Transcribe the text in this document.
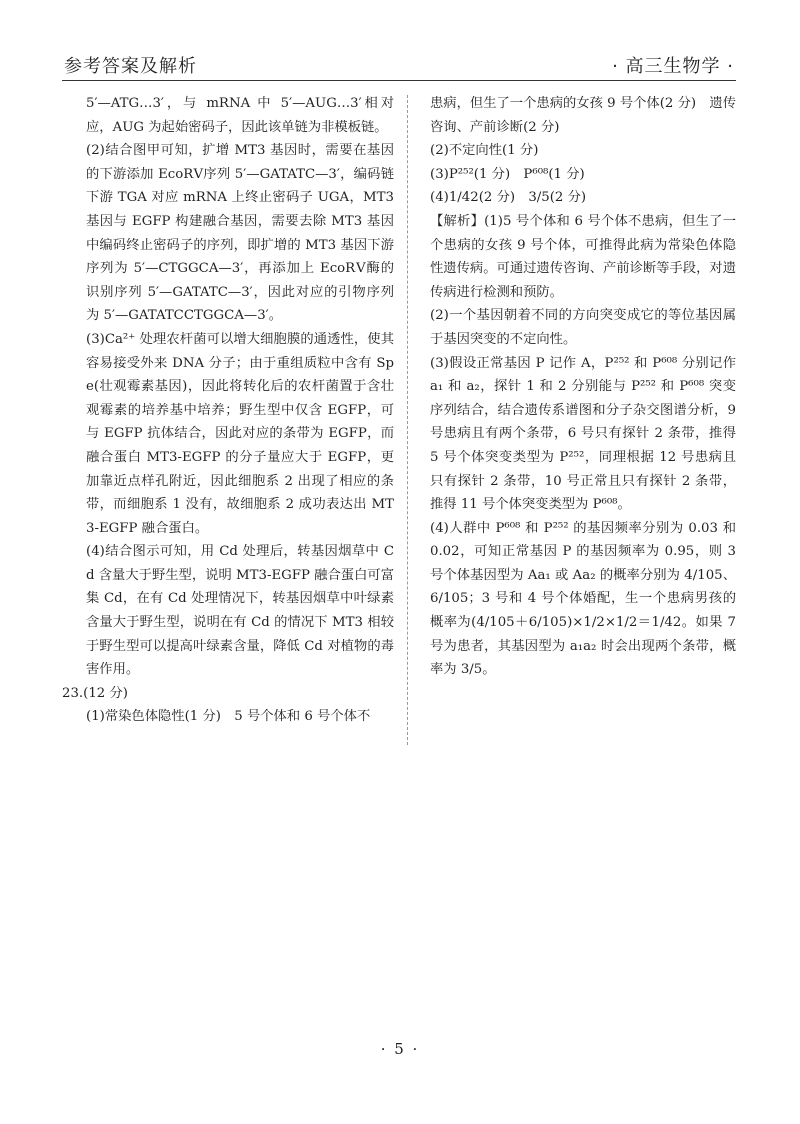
参考答案及解析	· 高三生物学 ·

5′—ATG…3′，与 mRNA 中 5′—AUG…3′相对应，AUG 为起始密码子，因此该单链为非模板链。

(2)结合图甲可知，扩增 MT3 基因时，需要在基因的下游添加 EcoRⅤ序列 5′—GATATC—3′，编码链下游 TGA 对应 mRNA 上终止密码子 UGA，MT3 基因与 EGFP 构建融合基因，需要去除 MT3 基因中编码终止密码子的序列，即扩增的 MT3 基因下游序列为 5′—CTGGCA—3′，再添加上 EcoRⅤ酶的识别序列 5′—GATATC—3′，因此对应的引物序列为 5′—GATATCCTGGCA—3′。

(3)Ca²⁺ 处理农杆菌可以增大细胞膜的通透性，使其容易接受外来 DNA 分子；由于重组质粒中含有 Spe(壮观霉素基因)，因此将转化后的农杆菌置于含壮观霉素的培养基中培养；野生型中仅含 EGFP，可与 EGFP 抗体结合，因此对应的条带为 EGFP，而融合蛋白 MT3-EGFP 的分子量应大于 EGFP，更加靠近点样孔附近，因此细胞系 2 出现了相应的条带，而细胞系 1 没有，故细胞系 2 成功表达出 MT3-EGFP 融合蛋白。

(4)结合图示可知，用 Cd 处理后，转基因烟草中 Cd 含量大于野生型，说明 MT3-EGFP 融合蛋白可富集 Cd，在有 Cd 处理情况下，转基因烟草中叶绿素含量大于野生型，说明在有 Cd 的情况下 MT3 相较于野生型可以提高叶绿素含量，降低 Cd 对植物的毒害作用。

23.(12 分)

(1)常染色体隐性(1 分)　5 号个体和 6 号个体不

患病，但生了一个患病的女孩 9 号个体(2 分)　遗传咨询、产前诊断(2 分)

(2)不定向性(1 分)

(3)P²⁵²(1 分)　P⁶⁰⁸(1 分)

(4)1/42(2 分)　3/5(2 分)

【解析】(1)5 号个体和 6 号个体不患病，但生了一个患病的女孩 9 号个体，可推得此病为常染色体隐性遗传病。可通过遗传咨询、产前诊断等手段，对遗传病进行检测和预防。

(2)一个基因朝着不同的方向突变成它的等位基因属于基因突变的不定向性。

(3)假设正常基因 P 记作 A，P²⁵² 和 P⁶⁰⁸ 分别记作 a₁ 和 a₂，探针 1 和 2 分别能与 P²⁵² 和 P⁶⁰⁸ 突变序列结合，结合遗传系谱图和分子杂交图谱分析，9 号患病且有两个条带，6 号只有探针 2 条带，推得 5 号个体突变类型为 P²⁵²，同理根据 12 号患病且只有探针 2 条带，10 号正常且只有探针 2 条带，推得 11 号个体突变类型为 P⁶⁰⁸。

(4)人群中 P⁶⁰⁸ 和 P²⁵² 的基因频率分别为 0.03 和 0.02，可知正常基因 P 的基因频率为 0.95，则 3 号个体基因型为 Aa₁ 或 Aa₂ 的概率分别为 4/105、6/105；3 号和 4 号个体婚配，生一个患病男孩的概率为(4/105＋6/105)×1/2×1/2＝1/42。如果 7 号为患者，其基因型为 a₁a₂ 时会出现两个条带，概率为 3/5。

· 5 ·
